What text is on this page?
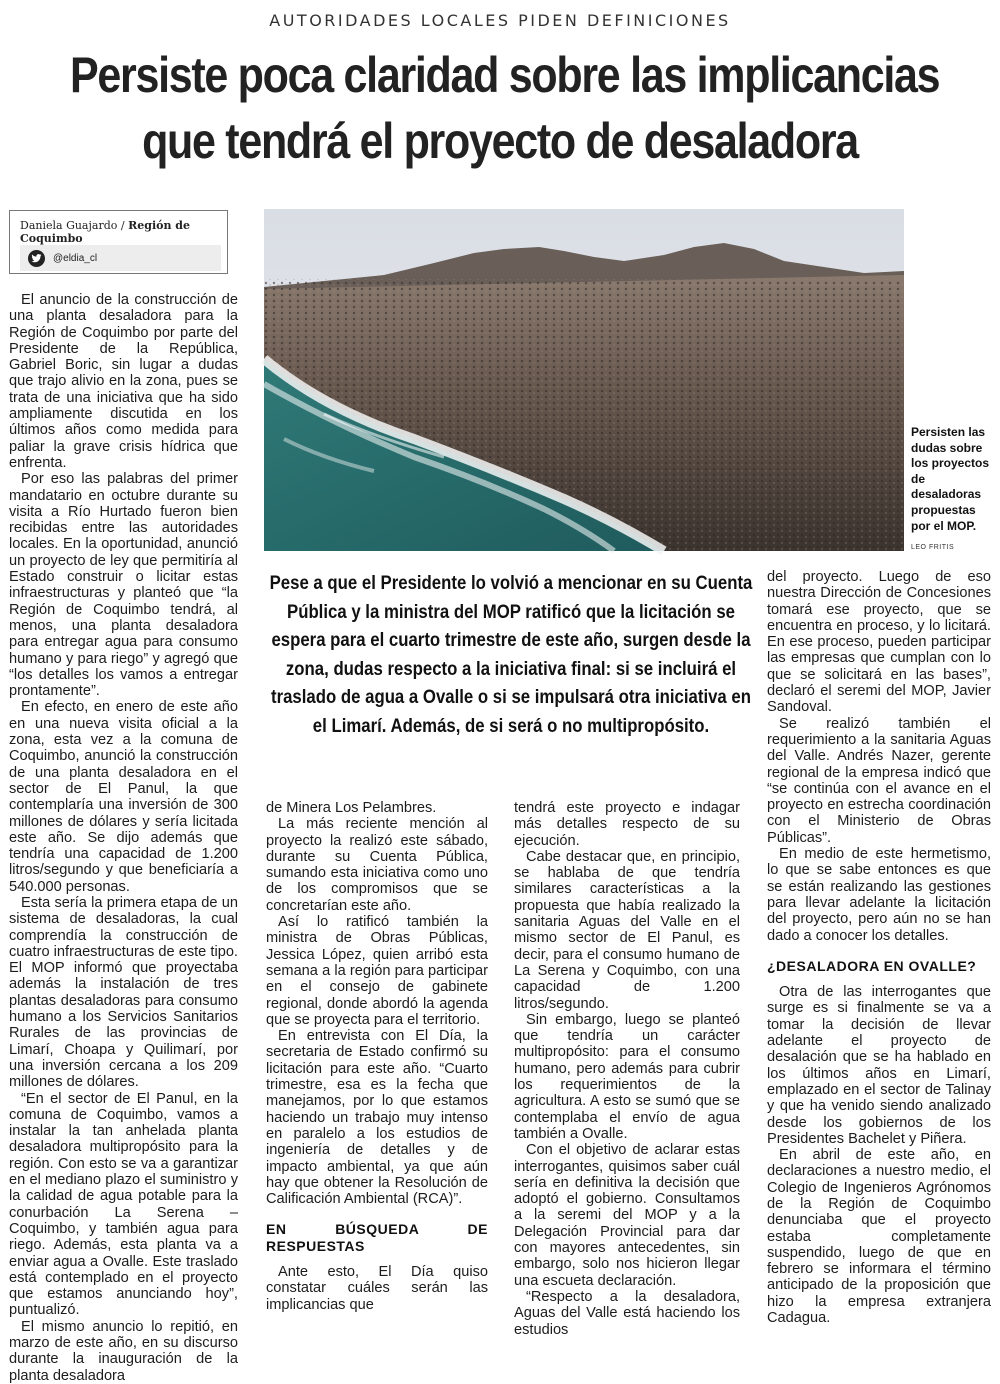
AUTORIDADES LOCALES PIDEN DEFINICIONES
Persiste poca claridad sobre las implicancias
que tendrá el proyecto de desaladora
Daniela Guajardo / Región de Coquimbo
@eldia_cl
Persisten las dudas sobre los proyectos de desaladoras propuestas por el MOP.
LEO FRITIS
Pese a que el Presidente lo volvió a mencionar en su Cuenta Pública y la ministra del MOP ratificó que la licitación se espera para el cuarto trimestre de este año, surgen desde la zona, dudas respecto a la iniciativa final: si se incluirá el traslado de agua a Ovalle o si se impulsará otra iniciativa en el Limarí. Además, de si será o no multipropósito.

El anuncio de la construcción de una planta desaladora para la Región de Coquimbo por parte del Presidente de la República, Gabriel Boric, sin lugar a dudas que trajo alivio en la zona, pues se trata de una iniciativa que ha sido ampliamente discutida en los últimos años como medida para paliar la grave crisis hídrica que enfrenta.

Por eso las palabras del primer mandatario en octubre durante su visita a Río Hurtado fueron bien recibidas entre las autoridades locales. En la oportunidad, anunció un proyecto de ley que permitiría al Estado construir o licitar estas infraestructuras y planteó que “la Región de Coquimbo tendrá, al menos, una planta desaladora para entregar agua para consumo humano y para riego” y agregó que “los detalles los vamos a entregar prontamente”.

En efecto, en enero de este año en una nueva visita oficial a la zona, esta vez a la comuna de Coquimbo, anunció la construcción de una planta desaladora en el sector de El Panul, la que contemplaría una inversión de 300 millones de dólares y sería licitada este año. Se dijo además que tendría una capacidad de 1.200 litros/segundo y que beneficiaría a 540.000 personas.

Esta sería la primera etapa de un sistema de desaladoras, la cual comprendía la construcción de cuatro infraestructuras de este tipo. El MOP informó que proyectaba además la instalación de tres plantas desaladoras para consumo humano a los Servicios Sanitarios Rurales de las provincias de Limarí, Choapa y Quilimarí, por una inversión cercana a los 209 millones de dólares.

“En el sector de El Panul, en la comuna de Coquimbo, vamos a instalar la tan anhelada planta desaladora multipropósito para la región. Con esto se va a garantizar en el mediano plazo el suministro y la calidad de agua potable para la conurbación La Serena – Coquimbo, y también agua para riego. Además, esta planta va a enviar agua a Ovalle. Este traslado está contemplado en el proyecto que estamos anunciando hoy”, puntualizó.

El mismo anuncio lo repitió, en marzo de este año, en su discurso durante la inauguración de la planta desaladora

de Minera Los Pelambres.

La más reciente mención al proyecto la realizó este sábado, durante su Cuenta Pública, sumando esta iniciativa como uno de los compromisos que se concretarían este año.

Así lo ratificó también la ministra de Obras Públicas, Jessica López, quien arribó esta semana a la región para participar en el consejo de gabinete regional, donde abordó la agenda que se proyecta para el territorio.

En entrevista con El Día, la secretaria de Estado confirmó su licitación para este año. “Cuarto trimestre, esa es la fecha que manejamos, por lo que estamos haciendo un trabajo muy intenso en paralelo a los estudios de ingeniería de detalles y de impacto ambiental, ya que aún hay que obtener la Resolución de Calificación Ambiental (RCA)”.

EN BÚSQUEDA DE RESPUESTAS

Ante esto, El Día quiso constatar cuáles serán las implicancias que

tendrá este proyecto e indagar más detalles respecto de su ejecución.

Cabe destacar que, en principio, se hablaba de que tendría similares características a la propuesta que había realizado la sanitaria Aguas del Valle en el mismo sector de El Panul, es decir, para el consumo humano de La Serena y Coquimbo, con una capacidad de 1.200 litros/segundo.

Sin embargo, luego se planteó que tendría un carácter multipropósito: para el consumo humano, pero además para cubrir los requerimientos de la agricultura. A esto se sumó que se contemplaba el envío de agua también a Ovalle.

Con el objetivo de aclarar estas interrogantes, quisimos saber cuál sería en definitiva la decisión que adoptó el gobierno. Consultamos a la seremi del MOP y a la Delegación Provincial para dar con mayores antecedentes, sin embargo, solo nos hicieron llegar una escueta declaración.

“Respecto a la desaladora, Aguas del Valle está haciendo los estudios

del proyecto. Luego de eso nuestra Dirección de Concesiones tomará ese proyecto, que se encuentra en proceso, y lo licitará. En ese proceso, pueden participar las empresas que cumplan con lo que se solicitará en las bases”, declaró el seremi del MOP, Javier Sandoval.

Se realizó también el requerimiento a la sanitaria Aguas del Valle. Andrés Nazer, gerente regional de la empresa indicó que “se continúa con el avance en el proyecto en estrecha coordinación con el Ministerio de Obras Públicas”.

En medio de este hermetismo, lo que se sabe entonces es que se están realizando las gestiones para llevar adelante la licitación del proyecto, pero aún no se han dado a conocer los detalles.

¿DESALADORA EN OVALLE?

Otra de las interrogantes que surge es si finalmente se va a tomar la decisión de llevar adelante el proyecto de desalación que se ha hablado en los últimos años en Limarí, emplazado en el sector de Talinay y que ha venido siendo analizado desde los gobiernos de los Presidentes Bachelet y Piñera.

En abril de este año, en declaraciones a nuestro medio, el Colegio de Ingenieros Agrónomos de la Región de Coquimbo denunciaba que el proyecto estaba completamente suspendido, luego de que en febrero se informara el término anticipado de la proposición que hizo la empresa extranjera Cadagua.
